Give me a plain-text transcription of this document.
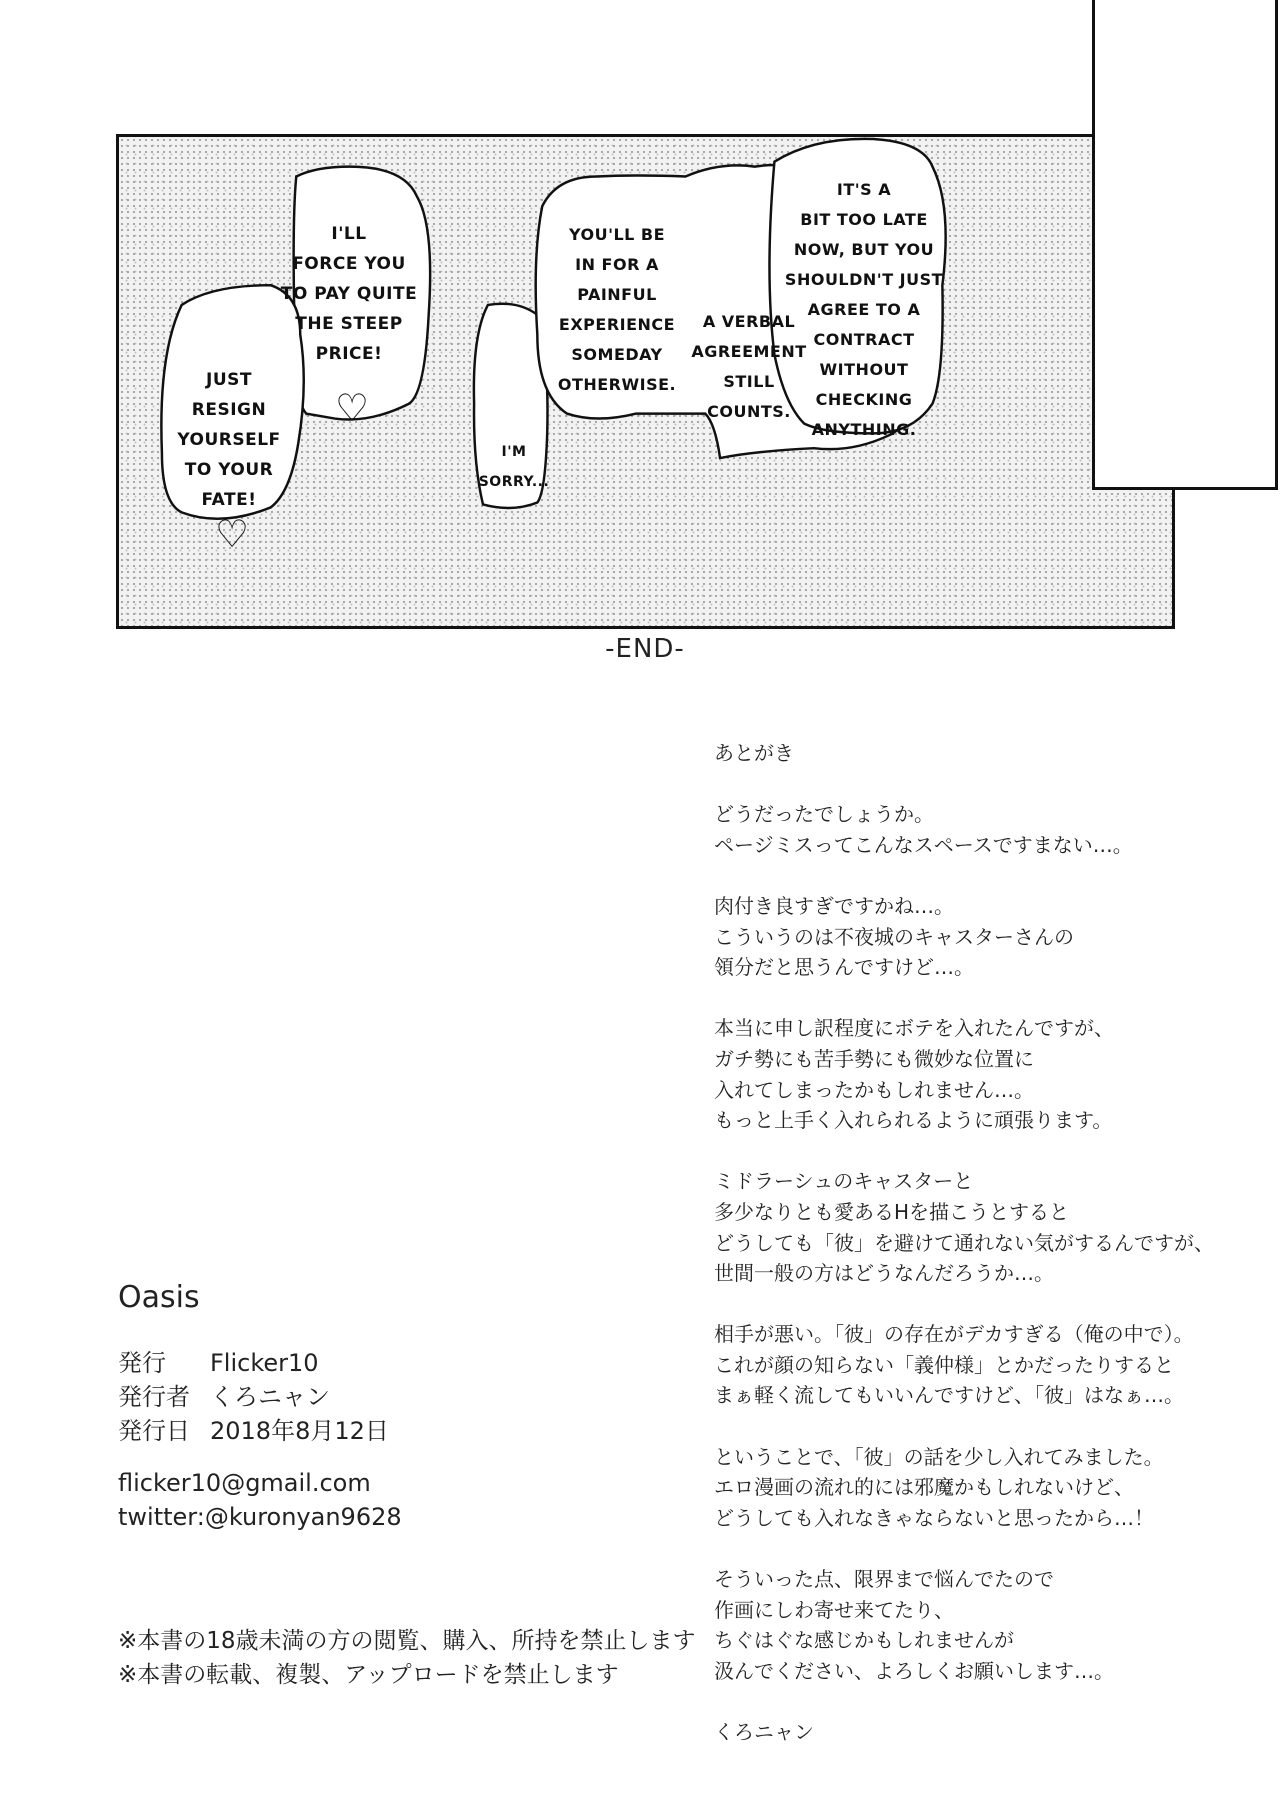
I'LL
FORCE YOU
TO PAY QUITE
THE STEEP
PRICE!
♡
JUST
RESIGN
YOURSELF
TO YOUR
FATE!
♡
I'M
SORRY...
YOU'LL BE
IN FOR A
PAINFUL
EXPERIENCE
SOMEDAY
OTHERWISE.
A VERBAL
AGREEMENT
STILL COUNTS.
IT'S A
BIT TOO LATE
NOW, BUT YOU
SHOULDN'T JUST
AGREE TO A
CONTRACT
WITHOUT
CHECKING
ANYTHING.
-END-
あとがき
どうだったでしょうか。
ページミスってこんなスペースですまない…。
肉付き良すぎですかね…。
こういうのは不夜城のキャスターさんの
領分だと思うんですけど…。
本当に申し訳程度にボテを入れたんですが、
ガチ勢にも苦手勢にも微妙な位置に
入れてしまったかもしれません…。
もっと上手く入れられるように頑張ります。
ミドラーシュのキャスターと
多少なりとも愛あるHを描こうとすると
どうしても「彼」を避けて通れない気がするんですが、
世間一般の方はどうなんだろうか…。
相手が悪い。「彼」の存在がデカすぎる（俺の中で）。
これが顔の知らない「義仲様」とかだったりすると
まぁ軽く流してもいいんですけど、「彼」はなぁ…。
ということで、「彼」の話を少し入れてみました。
エロ漫画の流れ的には邪魔かもしれないけど、
どうしても入れなきゃならないと思ったから…！
そういった点、限界まで悩んでたので
作画にしわ寄せ来てたり、
ちぐはぐな感じかもしれませんが
汲んでください、よろしくお願いします…。
くろニャン
Oasis
発行	Flicker10
発行者 くろニャン
発行日 2018年8月12日
flicker10@gmail.com
twitter:@kuronyan9628
※本書の18歳未満の方の閲覧、購入、所持を禁止します
※本書の転載、複製、アップロードを禁止します
